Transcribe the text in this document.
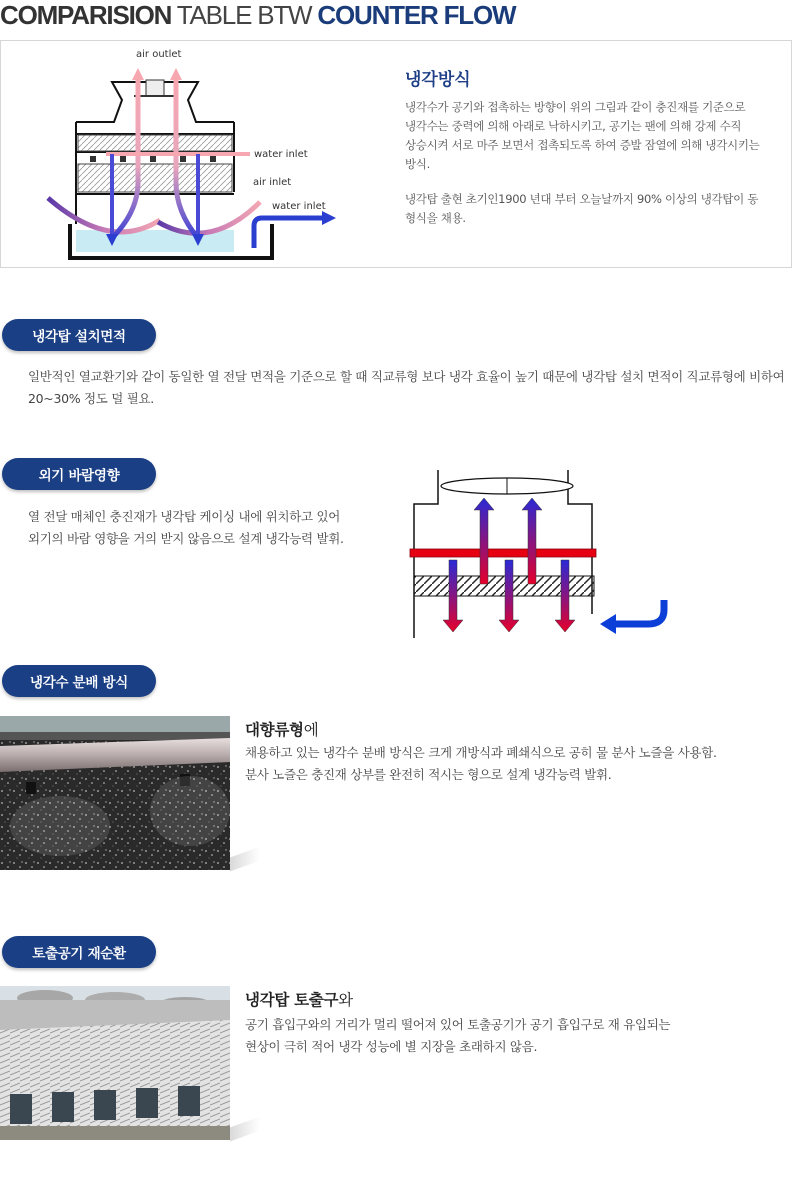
COMPARISION TABLE BTW COUNTER FLOW
air outlet
water inlet
air inlet
water inlet
냉각방식
냉각수가 공기와 접촉하는 방향이 위의 그림과 같이 충진재를 기준으로
냉각수는 중력에 의해 아래로 낙하시키고, 공기는 팬에 의해 강제 수직
상승시켜 서로 마주 보면서 접촉되도록 하여 증발 잠열에 의해 냉각시키는
방식.
냉각탑 출현 초기인1900 년대 부터 오늘날까지 90% 이상의 냉각탑이 동
형식을 채용.
냉각탑 설치면적
일반적인 열교환기와 같이 동일한 열 전달 면적을 기준으로 할 때 직교류형 보다 냉각 효율이 높기 때문에 냉각탑 설치 면적이 직교류형에 비하여
20~30% 정도 덜 필요.
외기 바람영향
열 전달 매체인 충진재가 냉각탑 케이싱 내에 위치하고 있어
외기의 바람 영향을 거의 받지 않음으로 설계 냉각능력 발휘.
냉각수 분배 방식
대향류형에
채용하고 있는 냉각수 분배 방식은 크게 개방식과 폐쇄식으로 공히 물 분사 노즐을 사용함.
분사 노즐은 충진재 상부를 완전히 적시는 형으로 설계 냉각능력 발휘.
토출공기 재순환
냉각탑 토출구와
공기 흡입구와의 거리가 멀리 떨어져 있어 토출공기가 공기 흡입구로 재 유입되는
현상이 극히 적어 냉각 성능에 별 지장을 초래하지 않음.
